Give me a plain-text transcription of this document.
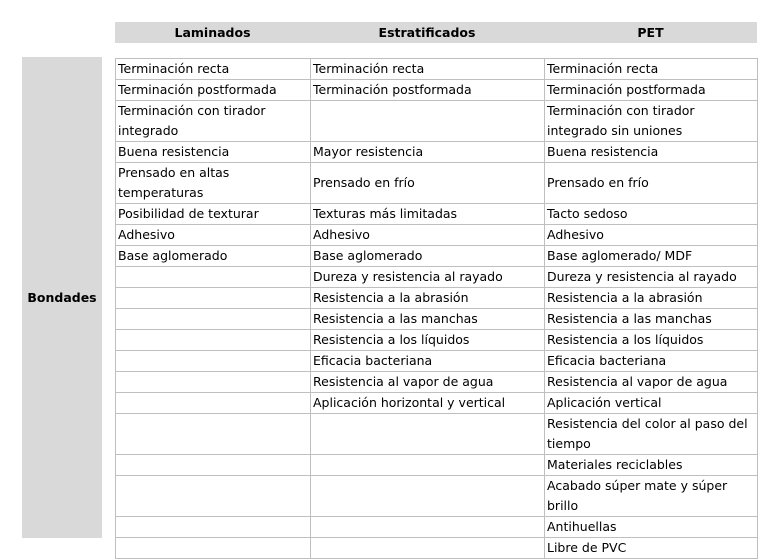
Laminados	Estratificados	PET
Bondades
Terminación recta	Terminación recta	Terminación recta
Terminación postformada	Terminación postformada	Terminación postformada
Terminación con tirador integrado		Terminación con tirador integrado sin uniones
Buena resistencia	Mayor resistencia	Buena resistencia
Prensado en altas temperaturas	Prensado en frío	Prensado en frío
Posibilidad de texturar	Texturas más limitadas	Tacto sedoso
Adhesivo	Adhesivo	Adhesivo
Base aglomerado	Base aglomerado	Base aglomerado/ MDF
	Dureza y resistencia al rayado	Dureza y resistencia al rayado
	Resistencia a la abrasión	Resistencia a la abrasión
	Resistencia a las manchas	Resistencia a las manchas
	Resistencia a los líquidos	Resistencia a los líquidos
	Eficacia bacteriana	Eficacia bacteriana
	Resistencia al vapor de agua	Resistencia al vapor de agua
	Aplicación horizontal y vertical	Aplicación vertical
		Resistencia del color al paso del tiempo
		Materiales reciclables
		Acabado súper mate y súper brillo
		Antihuellas
		Libre de PVC
